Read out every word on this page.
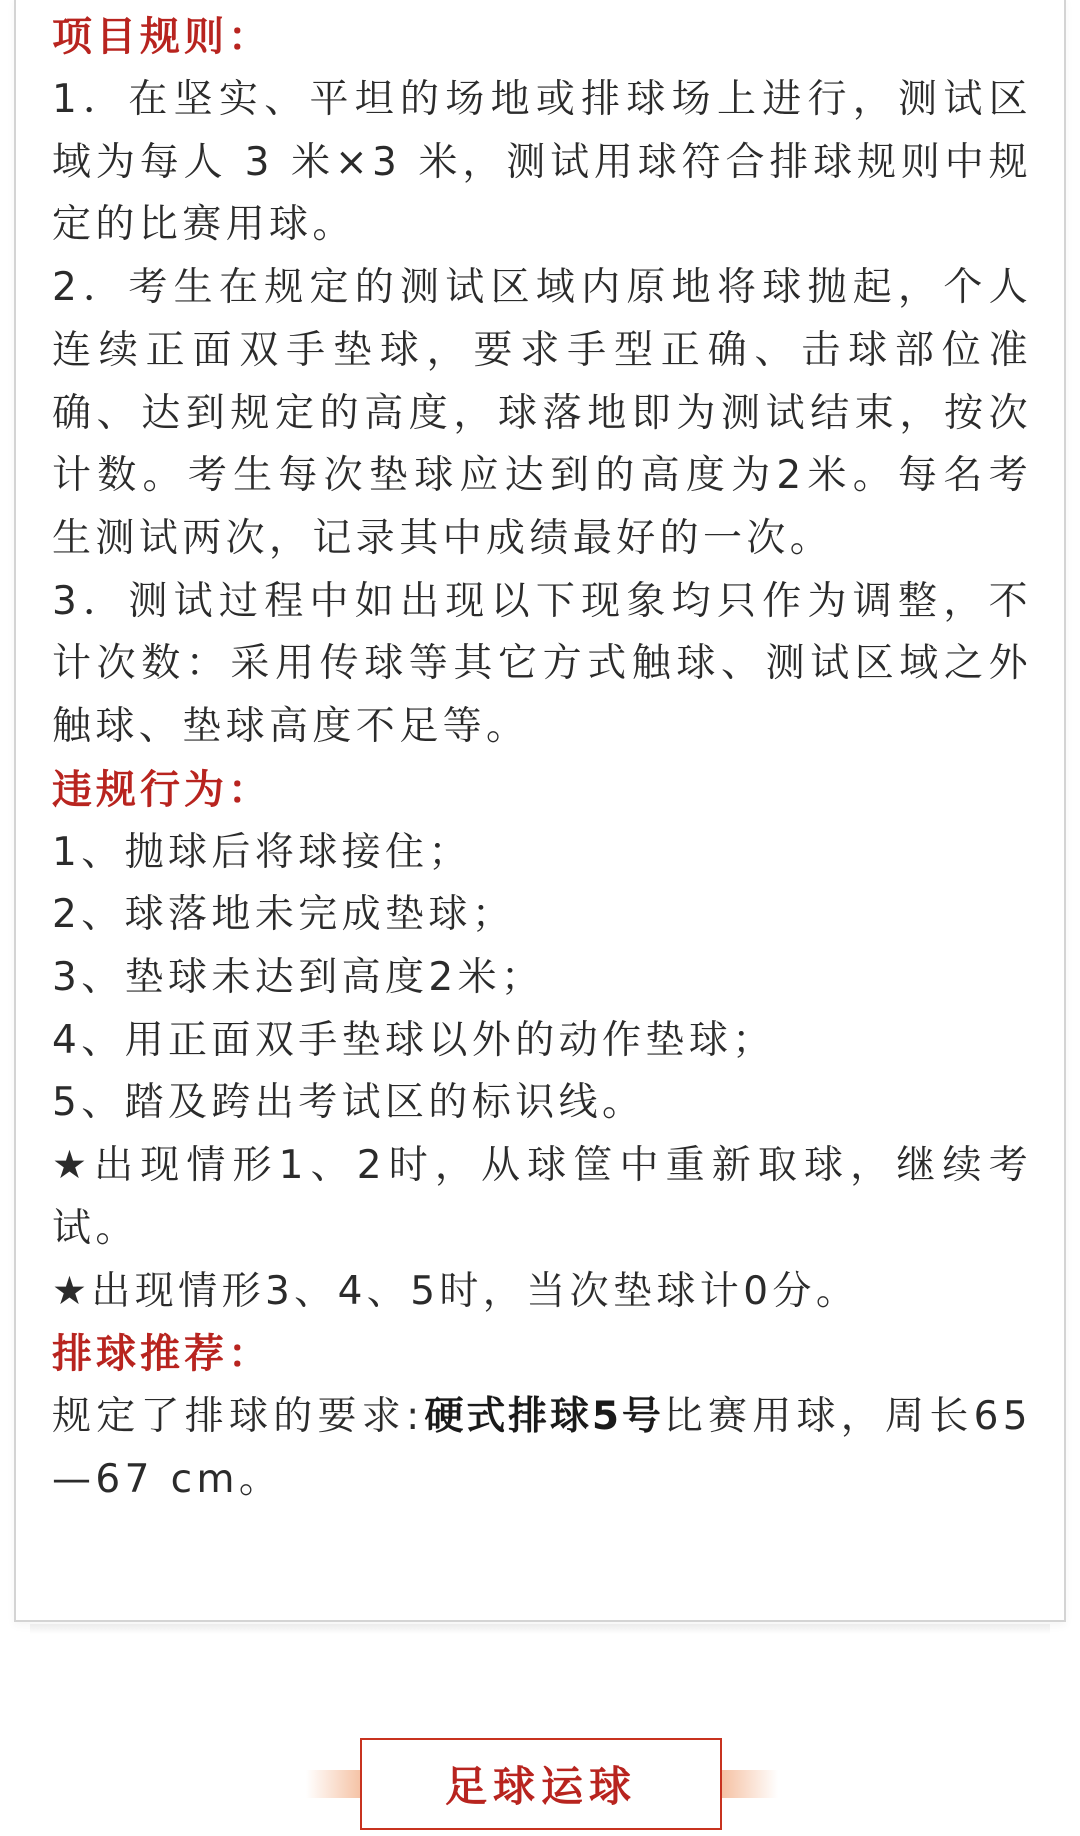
项目规则：
1．在坚实、平坦的场地或排球场上进行，测试区域为每人 3 米×3 米，测试用球符合排球规则中规定的比赛用球。
2．考生在规定的测试区域内原地将球抛起，个人连续正面双手垫球，要求手型正确、击球部位准确、达到规定的高度，球落地即为测试结束，按次计数。考生每次垫球应达到的高度为2米。每名考生测试两次，记录其中成绩最好的一次。
3．测试过程中如出现以下现象均只作为调整，不计次数：采用传球等其它方式触球、测试区域之外触球、垫球高度不足等。
违规行为：
1、抛球后将球接住；
2、球落地未完成垫球；
3、垫球未达到高度2米；
4、用正面双手垫球以外的动作垫球；
5、踏及跨出考试区的标识线。
★出现情形1、2时，从球筐中重新取球，继续考试。
★出现情形3、4、5时，当次垫球计0分。
排球推荐：
规定了排球的要求:硬式排球5号比赛用球，周长65—67 cm。
足球运球
